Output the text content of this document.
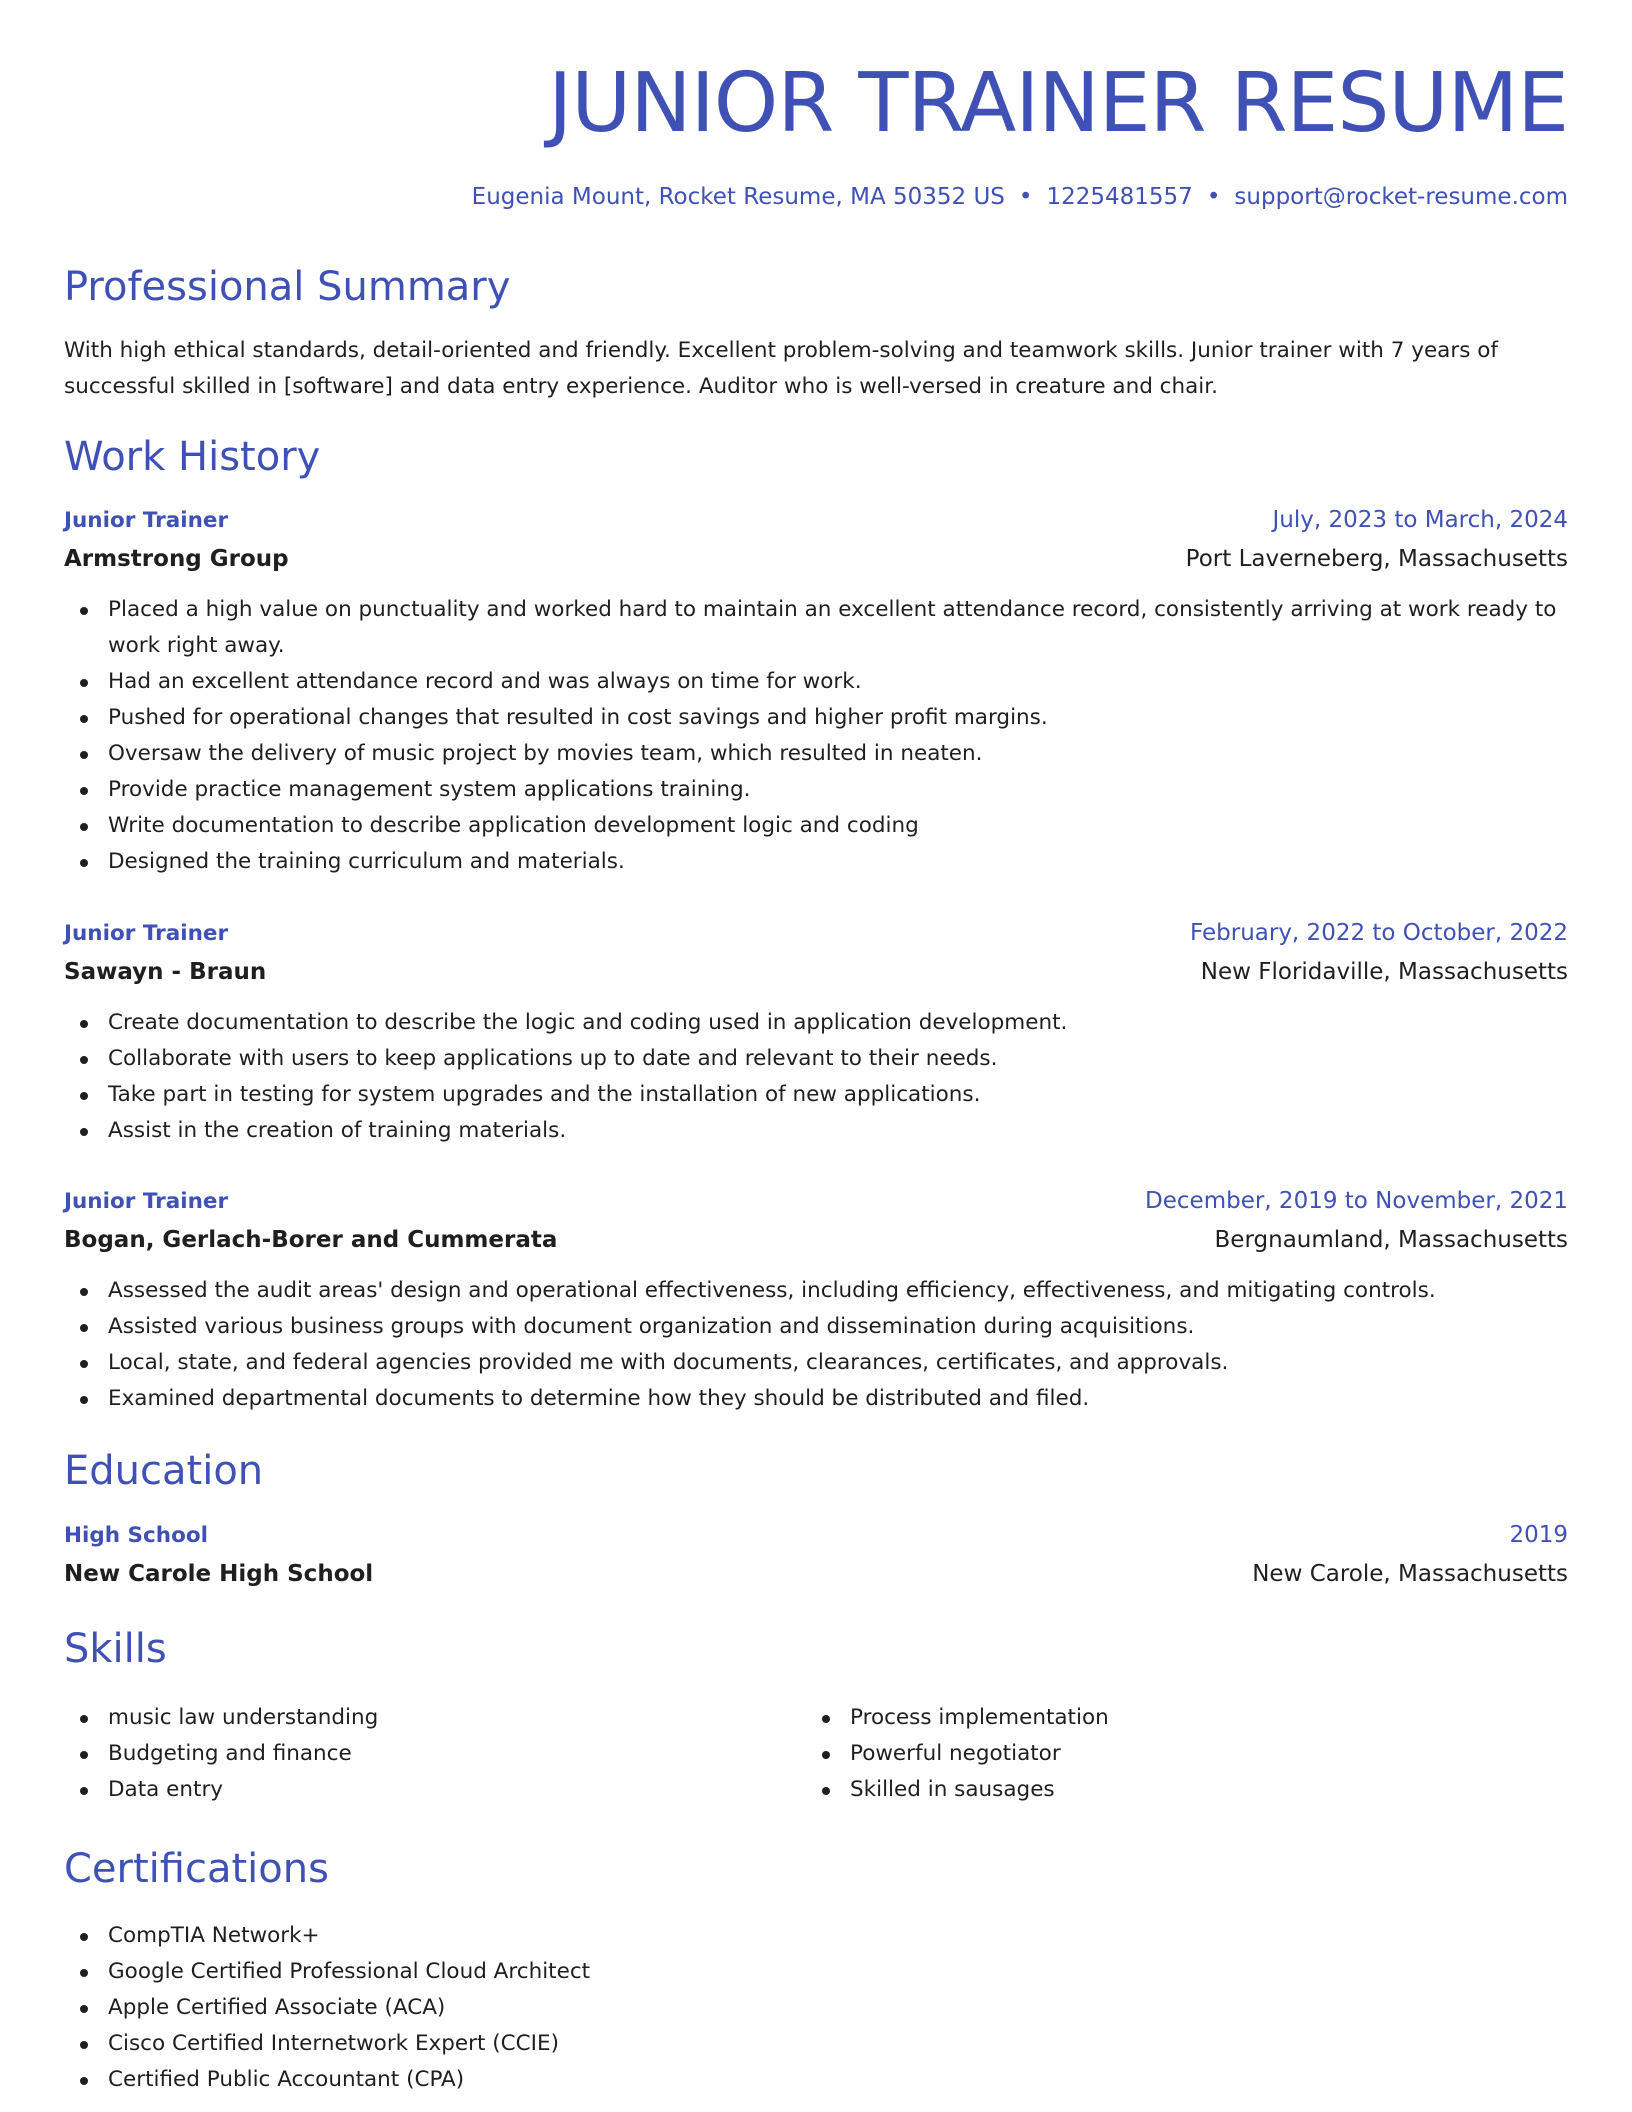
JUNIOR TRAINER RESUME
Eugenia Mount, Rocket Resume, MA 50352 US • 1225481557 • support@rocket-resume.com
Professional Summary

With high ethical standards, detail-oriented and friendly. Excellent problem-solving and teamwork skills. Junior trainer with 7 years of successful skilled in [software] and data entry experience. Auditor who is well-versed in creature and chair.

Work History
Junior Trainer	July, 2023 to March, 2024
Armstrong Group	Port Laverneberg, Massachusetts
Placed a high value on punctuality and worked hard to maintain an excellent attendance record, consistently arriving at work ready to work right away.
Had an excellent attendance record and was always on time for work.
Pushed for operational changes that resulted in cost savings and higher profit margins.
Oversaw the delivery of music project by movies team, which resulted in neaten.
Provide practice management system applications training.
Write documentation to describe application development logic and coding
Designed the training curriculum and materials.
Junior Trainer	February, 2022 to October, 2022
Sawayn - Braun	New Floridaville, Massachusetts
Create documentation to describe the logic and coding used in application development.
Collaborate with users to keep applications up to date and relevant to their needs.
Take part in testing for system upgrades and the installation of new applications.
Assist in the creation of training materials.
Junior Trainer	December, 2019 to November, 2021
Bogan, Gerlach-Borer and Cummerata	Bergnaumland, Massachusetts
Assessed the audit areas' design and operational effectiveness, including efficiency, effectiveness, and mitigating controls.
Assisted various business groups with document organization and dissemination during acquisitions.
Local, state, and federal agencies provided me with documents, clearances, certificates, and approvals.
Examined departmental documents to determine how they should be distributed and filed.
Education
High School	2019
New Carole High School	New Carole, Massachusetts
Skills
music law understanding
Budgeting and finance
Data entry
Process implementation
Powerful negotiator
Skilled in sausages
Certifications
CompTIA Network+
Google Certified Professional Cloud Architect
Apple Certified Associate (ACA)
Cisco Certified Internetwork Expert (CCIE)
Certified Public Accountant (CPA)
